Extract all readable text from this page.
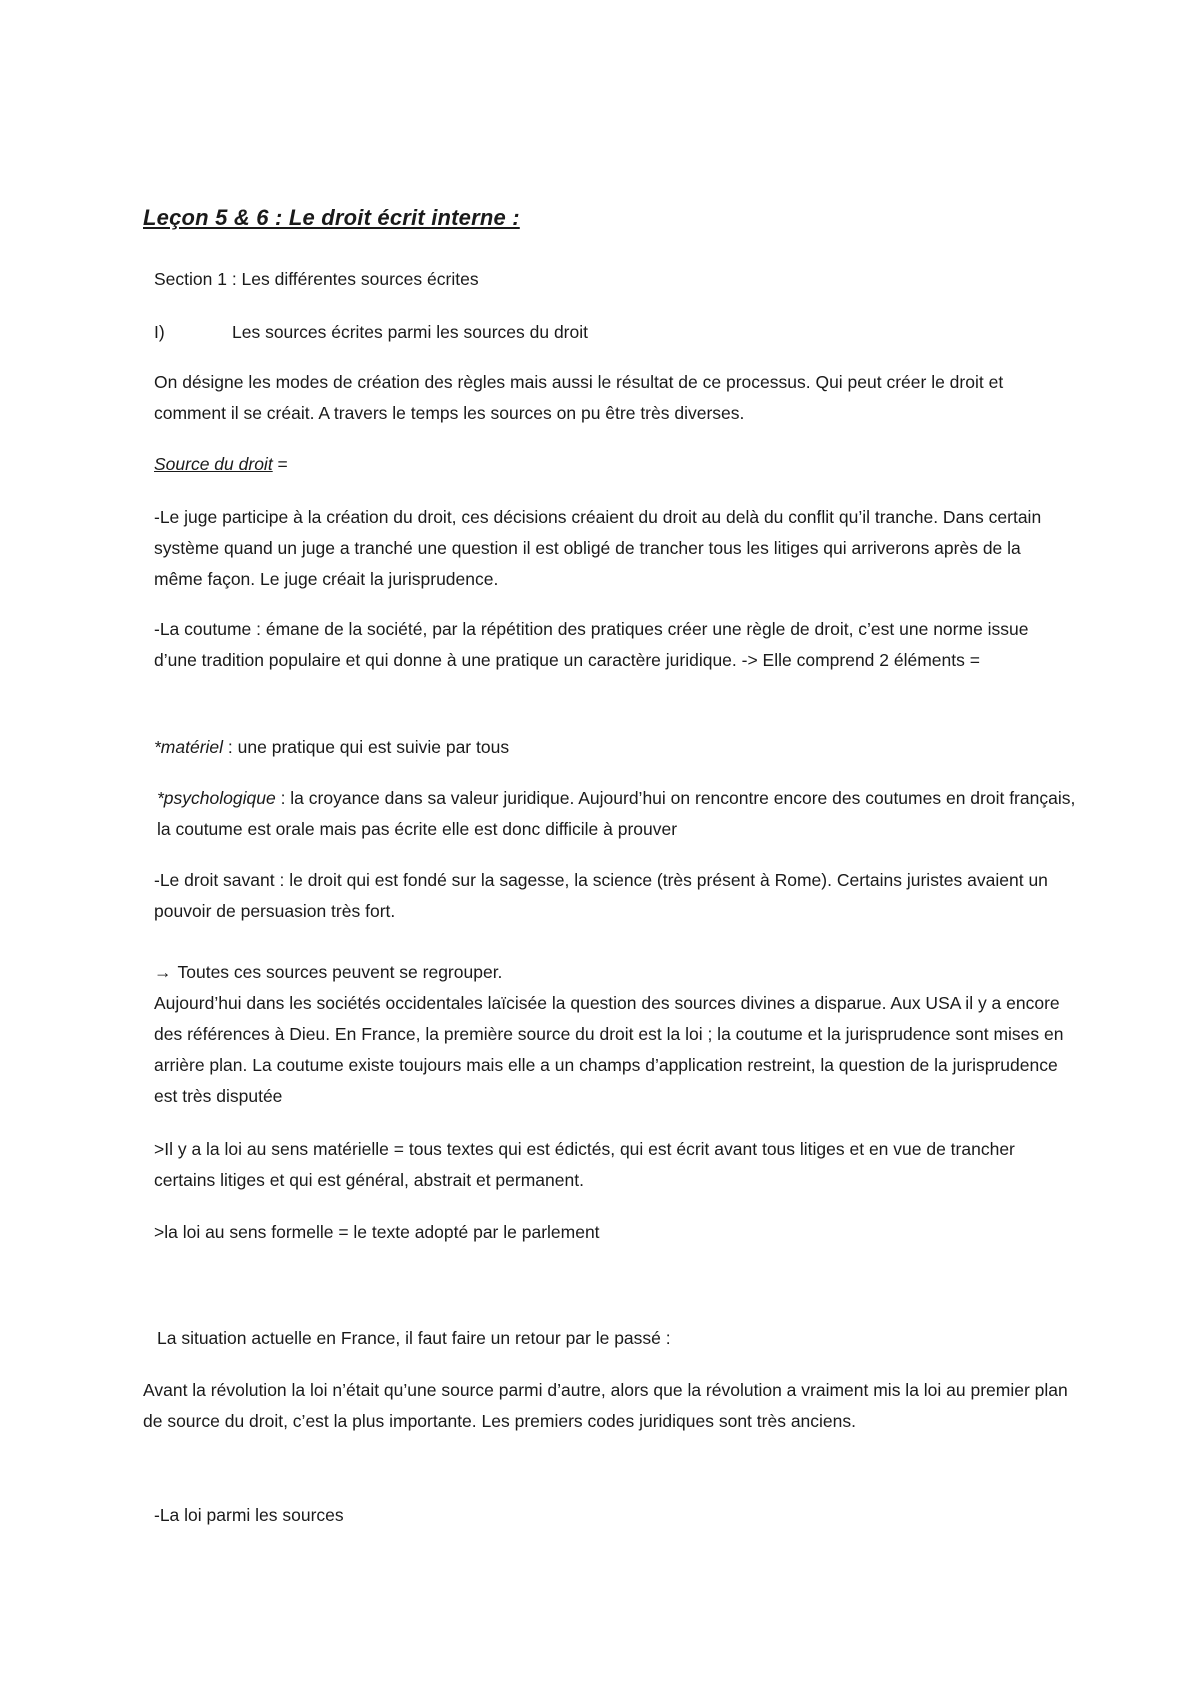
Leçon 5 & 6 : Le droit écrit interne :

Section 1 : Les différentes sources écrites

I)	Les sources écrites parmi les sources du droit

On désigne les modes de création des règles mais aussi le résultat de ce processus. Qui peut créer le droit et comment il se créait. A travers le temps les sources on pu être très diverses.

Source du droit =

-Le juge participe à la création du droit, ces décisions créaient du droit au delà du conflit qu’il tranche. Dans certain système quand un juge a tranché une question il est obligé de trancher tous les litiges qui arriverons après de la même façon. Le juge créait la jurisprudence.

-La coutume : émane de la société, par la répétition des pratiques créer une règle de droit, c’est une norme issue d’une tradition populaire et qui donne à une pratique un caractère juridique. -> Elle comprend 2 éléments =

*matériel : une pratique qui est suivie par tous

*psychologique : la croyance dans sa valeur juridique. Aujourd’hui on rencontre encore des coutumes en droit français, la coutume est orale mais pas écrite elle est donc difficile à prouver

-Le droit savant : le droit qui est fondé sur la sagesse, la science (très présent à Rome). Certains juristes avaient un pouvoir de persuasion très fort.

→ Toutes ces sources peuvent se regrouper.

Aujourd’hui dans les sociétés occidentales laïcisée la question des sources divines a disparue. Aux USA il y a encore des références à Dieu. En France, la première source du droit est la loi ; la coutume et la jurisprudence sont mises en arrière plan. La coutume existe toujours mais elle a un champs d’application restreint, la question de la jurisprudence est très disputée

>Il y a la loi au sens matérielle = tous textes qui est édictés, qui est écrit avant tous litiges et en vue de trancher certains litiges et qui est général, abstrait et permanent.

>la loi au sens formelle = le texte adopté par le parlement

La situation actuelle en France, il faut faire un retour par le passé :

Avant la révolution la loi n’était qu’une source parmi d’autre, alors que la révolution a vraiment mis la loi au premier plan de source du droit, c’est la plus importante. Les premiers codes juridiques sont très anciens.

-La loi parmi les sources
